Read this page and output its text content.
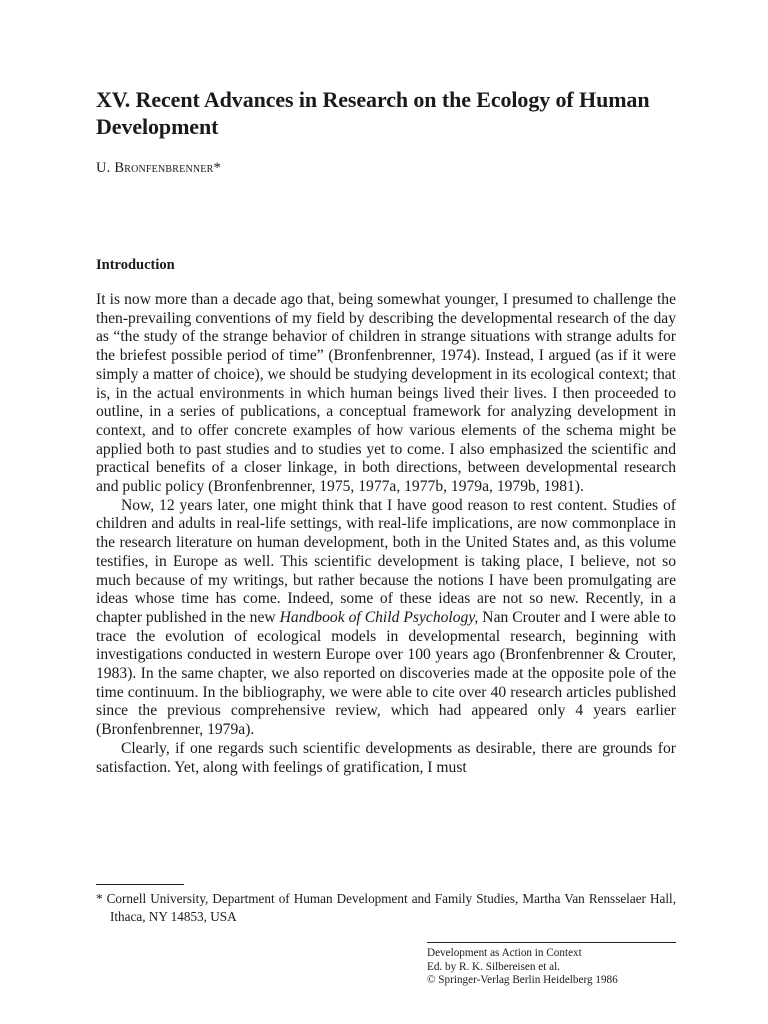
XV. Recent Advances in Research on the Ecology of Human Development
U. Bronfenbrenner*
Introduction

It is now more than a decade ago that, being somewhat younger, I presumed to challenge the then-prevailing conventions of my field by describing the developmental research of the day as “the study of the strange behavior of children in strange situations with strange adults for the briefest possible period of time” (Bronfenbrenner, 1974). Instead, I argued (as if it were simply a matter of choice), we should be studying development in its ecological context; that is, in the actual environments in which human beings lived their lives. I then proceeded to outline, in a series of publications, a conceptual framework for analyzing development in context, and to offer concrete examples of how various elements of the schema might be applied both to past studies and to studies yet to come. I also emphasized the scientific and practical benefits of a closer linkage, in both directions, between developmental research and public policy (Bronfenbrenner, 1975, 1977a, 1977b, 1979a, 1979b, 1981).

Now, 12 years later, one might think that I have good reason to rest content. Studies of children and adults in real-life settings, with real-life implications, are now commonplace in the research literature on human development, both in the United States and, as this volume testifies, in Europe as well. This scientific development is taking place, I believe, not so much because of my writings, but rather because the notions I have been promulgating are ideas whose time has come. Indeed, some of these ideas are not so new. Recently, in a chapter published in the new Handbook of Child Psychology, Nan Crouter and I were able to trace the evolution of ecological models in developmental research, beginning with investigations conducted in western Europe over 100 years ago (Bronfenbrenner & Crouter, 1983). In the same chapter, we also reported on discoveries made at the opposite pole of the time continuum. In the bibliography, we were able to cite over 40 research articles published since the previous comprehensive review, which had appeared only 4 years earlier (Bronfenbrenner, 1979a).

Clearly, if one regards such scientific developments as desirable, there are grounds for satisfaction. Yet, along with feelings of gratification, I must

* Cornell University, Department of Human Development and Family Studies, Martha Van Rensselaer Hall, Ithaca, NY 14853, USA
Development as Action in Context
Ed. by R. K. Silbereisen et al.
© Springer-Verlag Berlin Heidelberg 1986
